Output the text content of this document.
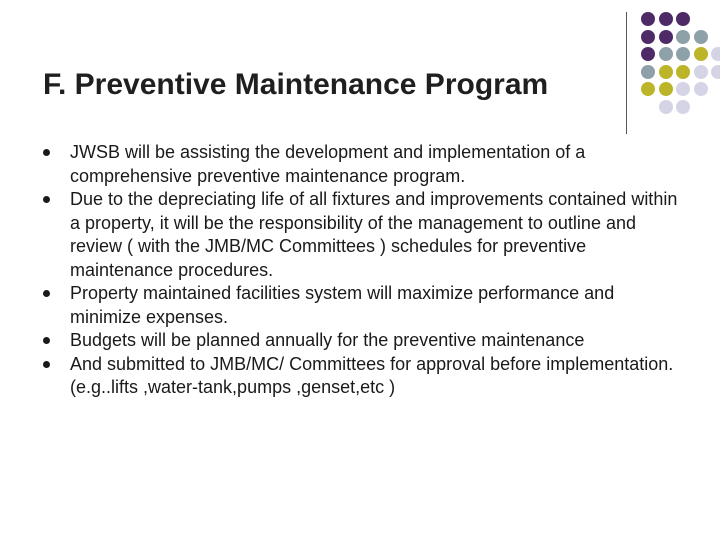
F. Preventive Maintenance Program
JWSB will be assisting the development and implementation of a comprehensive preventive maintenance program.
Due to the depreciating life of all fixtures and improvements contained within a property, it will be the responsibility of the management to outline and review ( with the JMB/MC Committees ) schedules for preventive maintenance procedures.
Property maintained facilities system will maximize performance and minimize expenses.
Budgets will be planned annually for the preventive maintenance
And submitted to JMB/MC/ Committees for approval before implementation. (e.g..lifts ,water-tank,pumps ,genset,etc )
